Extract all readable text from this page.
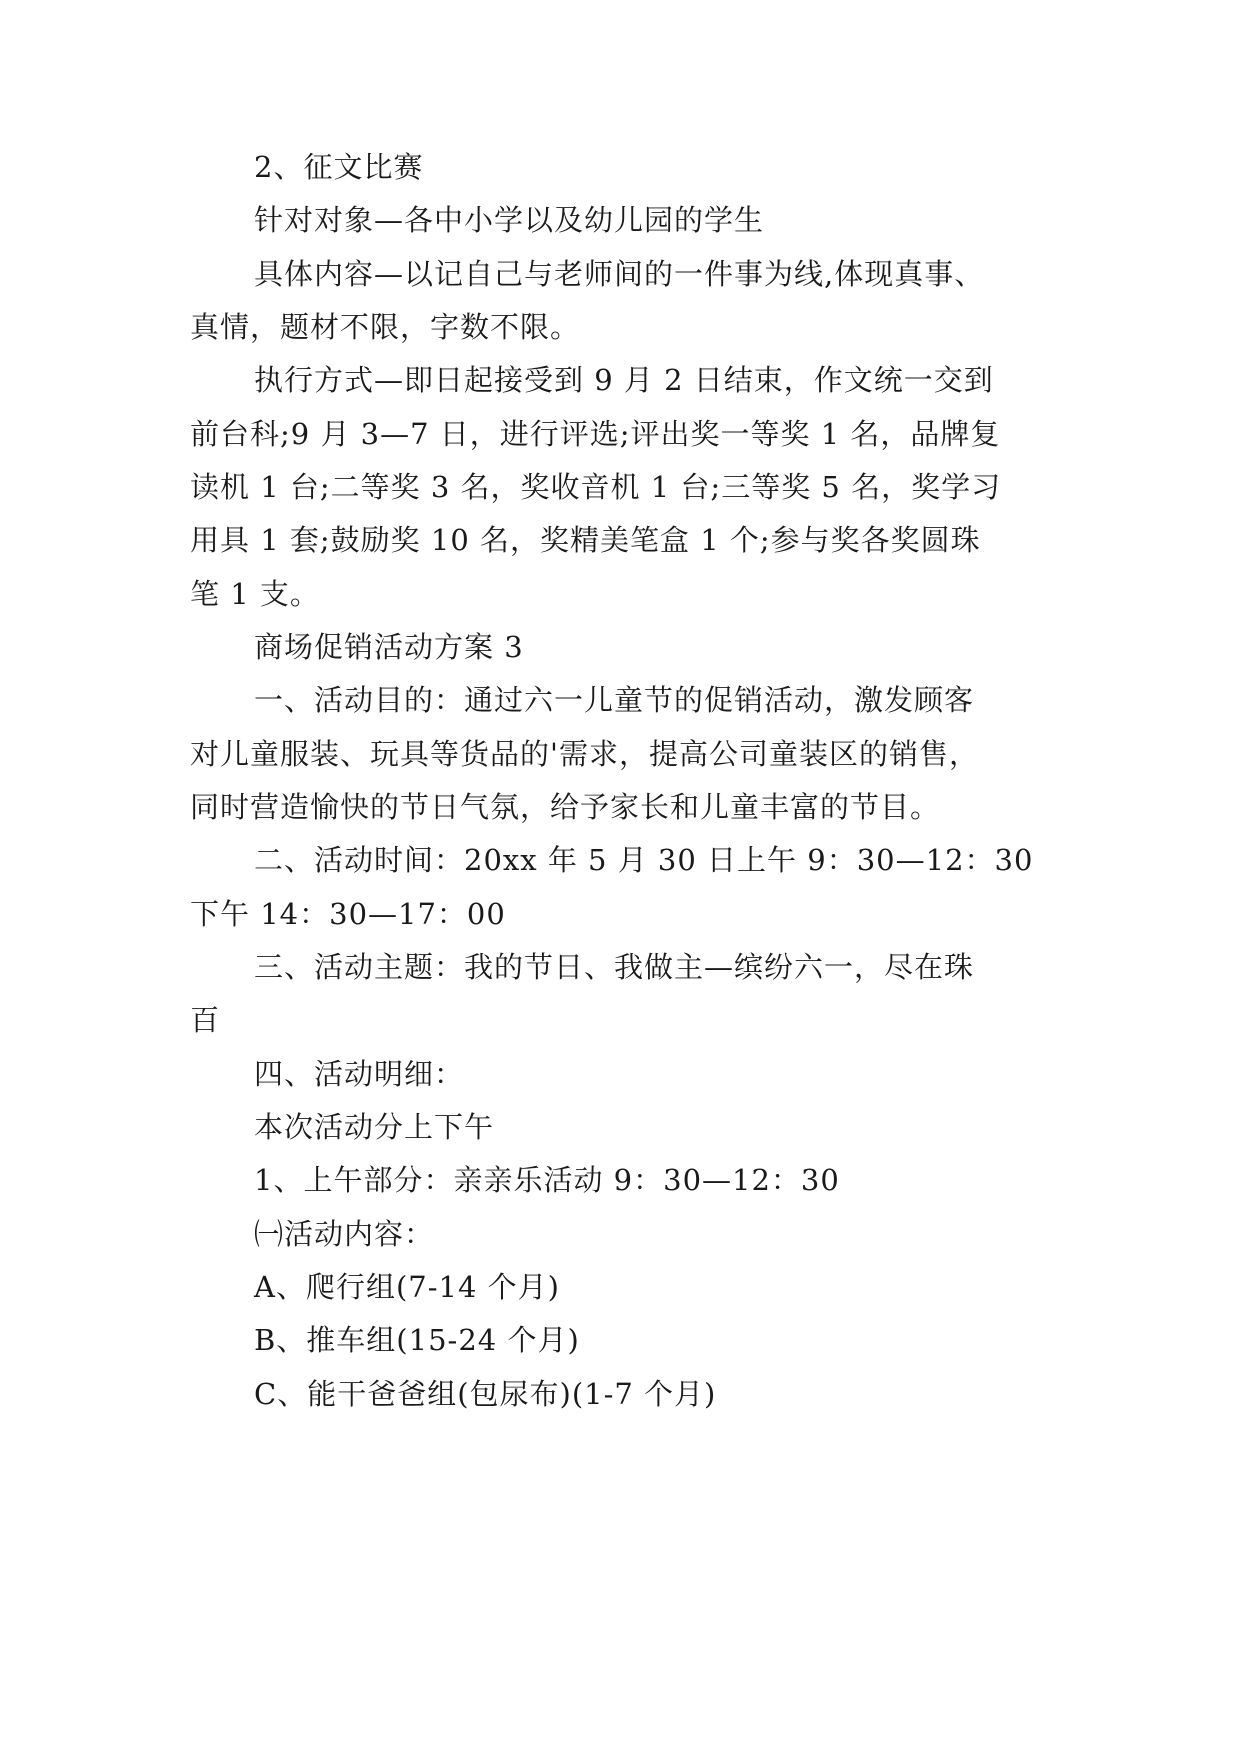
2、征文比赛

针对对象—各中小学以及幼儿园的学生

具体内容—以记自己与老师间的一件事为线,体现真事、

真情，题材不限，字数不限。

执行方式—即日起接受到 9 月 2 日结束，作文统一交到

前台科;9 月 3—7 日，进行评选;评出奖一等奖 1 名，品牌复

读机 1 台;二等奖 3 名，奖收音机 1 台;三等奖 5 名，奖学习

用具 1 套;鼓励奖 10 名，奖精美笔盒 1 个;参与奖各奖圆珠

笔 1 支。

商场促销活动方案 3

一、活动目的：通过六一儿童节的促销活动，激发顾客

对儿童服装、玩具等货品的'需求，提高公司童装区的销售，

同时营造愉快的节日气氛，给予家长和儿童丰富的节目。

二、活动时间：20xx 年 5 月 30 日上午 9：30—12：30

下午 14：30—17：00

三、活动主题：我的节日、我做主—缤纷六一，尽在珠

百

四、活动明细：

本次活动分上下午

1、上午部分：亲亲乐活动 9：30—12：30

㈠活动内容：

A、爬行组(7-14 个月)

B、推车组(15-24 个月)

C、能干爸爸组(包尿布)(1-7 个月)
